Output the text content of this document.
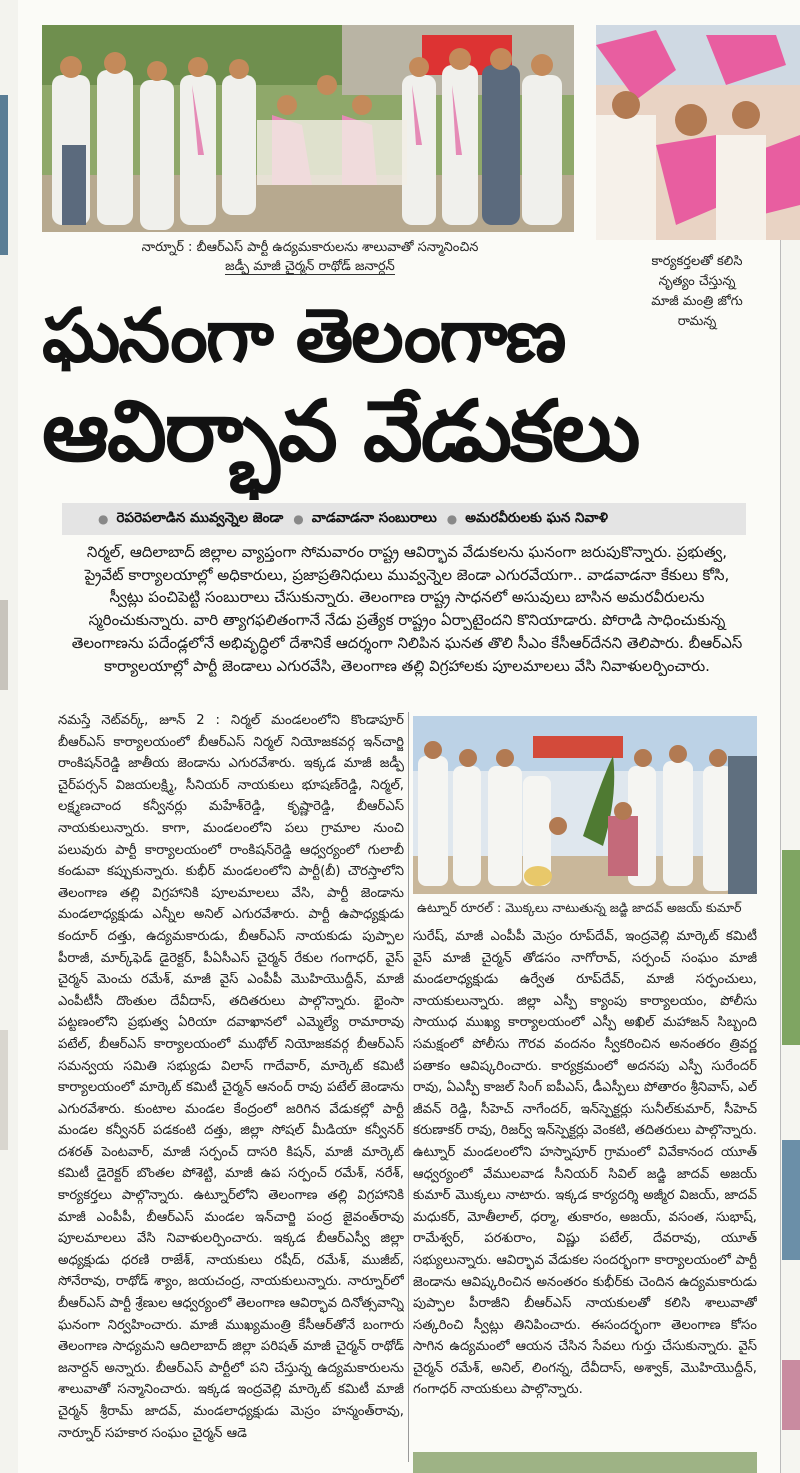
నార్నూర్ : బీఆర్ఎస్ పార్టీ ఉద్యమకారులను శాలువాతో సన్మానించిన
జడ్పీ మాజీ చైర్మన్ రాథోడ్ జనార్దన్	కార్యకర్తలతో కలిసి
నృత్యం చేస్తున్న
మాజీ మంత్రి జోగు
రామన్న
ఘనంగా తెలంగాణ
ఆవిర్భావ వేడుకలు
● రెపరెపలాడిన మువ్వన్నెల జెండా ● వాడవాడనా సంబురాలు ● అమరవీరులకు ఘన నివాళి
నిర్మల్, ఆదిలాబాద్ జిల్లాల వ్యాప్తంగా సోమవారం రాష్ట్ర ఆవిర్భావ వేడుకలను ఘనంగా జరుపుకొన్నారు. ప్రభుత్వ, ప్రైవేట్ కార్యాలయాల్లో అధికారులు, ప్రజాప్రతినిధులు మువ్వన్నెల జెండా ఎగురవేయగా.. వాడవాడనా కేకులు కోసి, స్వీట్లు పంచిపెట్టి సంబురాలు చేసుకున్నారు. తెలంగాణ రాష్ట్ర సాధనలో అసువులు బాసిన అమరవీరులను స్మరించుకున్నారు. వారి త్యాగఫలితంగానే నేడు ప్రత్యేక రాష్ట్రం ఏర్పాటైందని కొనియాడారు. పోరాడి సాధించుకున్న తెలంగాణను పదేండ్లలోనే అభివృద్ధిలో దేశానికే ఆదర్శంగా నిలిపిన ఘనత తొలి సీఎం కేసీఆర్‌దేనని తెలిపారు. బీఆర్ఎస్ కార్యాలయాల్లో పార్టీ జెండాలు ఎగురవేసి, తెలంగాణ తల్లి విగ్రహాలకు పూలమాలలు వేసి నివాళులర్పించారు.
నమస్తే నెట్‌వర్క్, జూన్ 2 : నిర్మల్ మండలంలోని కొండాపూర్ బీఆర్ఎస్ కార్యాలయంలో బీఆర్ఎస్ నిర్మల్ నియోజకవర్గ ఇన్‌చార్జి రాంకిషన్‌రెడ్డి జాతీయ జెండాను ఎగురవేశారు. ఇక్కడ మాజీ జడ్పీ చైర్‌పర్సన్ విజయలక్ష్మి, సీనియర్ నాయకులు భూషణ్‌రెడ్డి, నిర్మల్, లక్ష్మణచాంద కన్వీనర్లు మహేశ్‌రెడ్డి, కృష్ణారెడ్డి, బీఆర్ఎస్ నాయకులున్నారు. కాగా, మండలంలోని పలు గ్రామాల నుంచి పలువురు పార్టీ కార్యాలయంలో రాంకిషన్‌రెడ్డి ఆధ్వర్యంలో గులాబీ కండువా కప్పుకున్నారు. కుభీర్ మండలంలోని పార్టీ(బీ) చౌరస్తాలోని తెలంగాణ తల్లి విగ్రహానికి పూలమాలలు వేసి, పార్టీ జెండాను మండలాధ్యక్షుడు ఎన్నీల అనిల్ ఎగురవేశారు. పార్టీ ఉపాధ్యక్షుడు కందూర్ దత్తు, ఉద్యమకారుడు, బీఆర్ఎస్ నాయకుడు పుప్పాల పీరాజీ, మార్క్‌ఫెడ్ డైరెక్టర్, పీఏసీఎస్ చైర్మన్ రేకుల గంగాధర్, వైస్ చైర్మన్ మెంచు రమేశ్, మాజీ వైస్ ఎంపీపీ మొహియొద్దీన్, మాజీ ఎంపీటీసీ దొంతుల దేవీదాస్, తదితరులు పాల్గొన్నారు. భైంసా పట్టణంలోని ప్రభుత్వ ఏరియా దవాఖానలో ఎమ్మెల్యే రామారావు పటేల్, బీఆర్ఎస్ కార్యాలయంలో ముథోల్ నియోజకవర్గ బీఆర్ఎస్ సమన్వయ సమితి సభ్యుడు విలాస్ గాదేవార్, మార్కెట్ కమిటీ కార్యాలయంలో మార్కెట్ కమిటీ చైర్మన్ ఆనంద్ రావు పటేల్ జెండాను ఎగురవేశారు. కుంటాల మండల కేంద్రంలో జరిగిన వేడుకల్లో పార్టీ మండల కన్వీనర్ పడకంటి దత్తు, జిల్లా సోషల్ మీడియా కన్వీనర్ దశరత్ పెంటవార్, మాజీ సర్పంచ్ దాసరి కిషన్, మాజీ మార్కెట్ కమిటీ డైరెక్టర్ బొంతల పోశెట్టి, మాజీ ఉప సర్పంచ్ రమేశ్, నరేశ్, కార్యకర్తలు పాల్గొన్నారు. ఉట్నూర్‌లోని తెలంగాణ తల్లి విగ్రహానికి మాజీ ఎంపీపీ, బీఆర్ఎస్ మండల ఇన్‌చార్జి పంద్ర జైవంత్‌రావు పూలమాలలు వేసి నివాళులర్పించారు. ఇక్కడ బీఆర్ఎస్వీ జిల్లా అధ్యక్షుడు ధరణి రాజేశ్, నాయకులు రషీద్, రమేశ్, ముజీబ్, సోనేరావు, రాథోడ్ శ్యాం, జయచంద్ర, నాయకులున్నారు. నార్నూర్‌లో బీఆర్ఎస్ పార్టీ శ్రేణుల ఆధ్వర్యంలో తెలంగాణ ఆవిర్భావ దినోత్సవాన్ని ఘనంగా నిర్వహించారు. మాజీ ముఖ్యమంత్రి కేసీఆర్‌తోనే బంగారు తెలంగాణ సాధ్యమని ఆదిలాబాద్ జిల్లా పరిషత్ మాజీ చైర్మన్ రాథోడ్ జనార్దన్ అన్నారు. బీఆర్ఎస్ పార్టీలో పని చేస్తున్న ఉద్యమకారులను శాలువాతో సన్మానించారు. ఇక్కడ ఇంద్రవెల్లి మార్కెట్ కమిటీ మాజీ చైర్మన్ శ్రీరామ్ జాదవ్, మండలాధ్యక్షుడు మెస్రం హన్మంత్‌రావు, నార్నూర్ సహకార సంఘం చైర్మన్ ఆడె
ఉట్నూర్ రూరల్ : మొక్కలు నాటుతున్న జడ్జి జాదవ్ అజయ్ కుమార్
సురేష్, మాజీ ఎంపీపీ మెస్రం రూప్‌దేవ్, ఇంద్రవెల్లి మార్కెట్ కమిటీ వైస్ మాజీ చైర్మన్ తోడసం నాగోరావ్, సర్పంచ్ సంఘం మాజీ మండలాధ్యక్షుడు ఉర్వేత రూప్‌దేవ్, మాజీ సర్పంచులు, నాయకులున్నారు. జిల్లా ఎస్పీ క్యాంపు కార్యాలయం, పోలీసు సాయుధ ముఖ్య కార్యాలయంలో ఎస్పీ అఖిల్ మహాజన్ సిబ్బంది సమక్షంలో పోలీసు గౌరవ వందనం స్వీకరించిన అనంతరం త్రివర్ణ పతాకం ఆవిష్కరించారు. కార్యక్రమంలో అదనపు ఎస్పీ సురేందర్ రావు, ఏఎస్పీ కాజల్ సింగ్ ఐపీఎస్, డీఎస్పీలు పోతారం శ్రీనివాస్, ఎల్ జీవన్ రెడ్డి, సీహెచ్ నాగేందర్, ఇన్‌స్పెక్టర్లు సునీల్‌కుమార్, సీహెచ్ కరుణాకర్ రావు, రిజర్వ్ ఇన్‌స్పెక్టర్లు వెంకటి, తదితరులు పాల్గొన్నారు. ఉట్నూర్ మండలంలోని హస్నాపూర్ గ్రామంలో వివేకానంద యూత్ ఆధ్వర్యంలో వేములవాడ సీనియర్ సివిల్ జడ్జి జాదవ్ అజయ్ కుమార్ మొక్కలు నాటారు. ఇక్కడ కార్యదర్శి అజ్మీర విజయ్, జాదవ్ మధుకర్, మోతీలాల్, ధర్మా, తుకారం, అజయ్, వసంత, సుభాష్, రామేశ్వర్, పరశురాం, విష్ణు పటేల్, దేవరావు, యూత్ సభ్యులున్నారు. ఆవిర్భావ వేడుకల సందర్భంగా కార్యాలయంలో పార్టీ జెండాను ఆవిష్కరించిన అనంతరం కుభీర్‌కు చెందిన ఉద్యమకారుడు పుప్పాల పీరాజీని బీఆర్ఎస్ నాయకులతో కలిసి శాలువాతో సత్కరించి స్వీట్లు తినిపించారు. ఈసందర్భంగా తెలంగాణ కోసం సాగిన ఉద్యమంలో ఆయన చేసిన సేవలు గుర్తు చేసుకున్నారు. వైస్ చైర్మన్ రమేశ్, అనిల్, లింగన్న, దేవీదాస్, అశ్వాక్, మొహియొద్దీన్, గంగాధర్ నాయకులు పాల్గొన్నారు.
